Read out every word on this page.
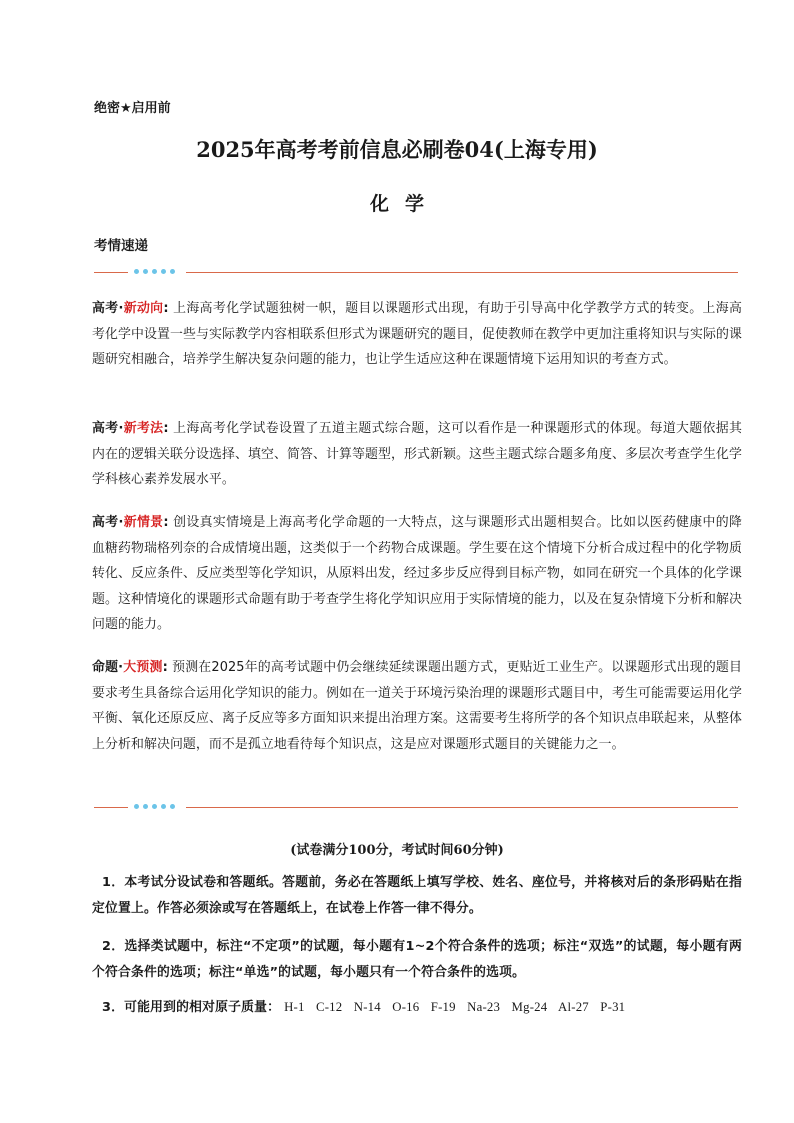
绝密★启用前
2025年高考考前信息必刷卷04(上海专用)
化学
考情速递
高考·新动向: 上海高考化学试题独树一帜，题目以课题形式出现，有助于引导高中化学教学方式的转变。上海高考化学中设置一些与实际教学内容相联系但形式为课题研究的题目，促使教师在教学中更加注重将知识与实际的课题研究相融合，培养学生解决复杂问题的能力，也让学生适应这种在课题情境下运用知识的考查方式。
高考·新考法: 上海高考化学试卷设置了五道主题式综合题，这可以看作是一种课题形式的体现。每道大题依据其内在的逻辑关联分设选择、填空、简答、计算等题型，形式新颖。这些主题式综合题多角度、多层次考查学生化学学科核心素养发展水平。
高考·新情景: 创设真实情境是上海高考化学命题的一大特点，这与课题形式出题相契合。比如以医药健康中的降血糖药物瑞格列奈的合成情境出题，这类似于一个药物合成课题。学生要在这个情境下分析合成过程中的化学物质转化、反应条件、反应类型等化学知识，从原料出发，经过多步反应得到目标产物，如同在研究一个具体的化学课题。这种情境化的课题形式命题有助于考查学生将化学知识应用于实际情境的能力，以及在复杂情境下分析和解决问题的能力。
命题·大预测: 预测在2025年的高考试题中仍会继续延续课题出题方式，更贴近工业生产。以课题形式出现的题目要求考生具备综合运用化学知识的能力。例如在一道关于环境污染治理的课题形式题目中，考生可能需要运用化学平衡、氧化还原反应、离子反应等多方面知识来提出治理方案。这需要考生将所学的各个知识点串联起来，从整体上分析和解决问题，而不是孤立地看待每个知识点，这是应对课题形式题目的关键能力之一。
(试卷满分100分，考试时间60分钟)
1．本考试分设试卷和答题纸。答题前，务必在答题纸上填写学校、姓名、座位号，并将核对后的条形码贴在指定位置上。作答必须涂或写在答题纸上，在试卷上作答一律不得分。
2．选择类试题中，标注“不定项”的试题，每小题有1~2个符合条件的选项；标注“双选”的试题，每小题有两个符合条件的选项；标注“单选”的试题，每小题只有一个符合条件的选项。
3．可能用到的相对原子质量： H-1 C-12 N-14 O-16 F-19 Na-23 Mg-24 Al-27 P-31
